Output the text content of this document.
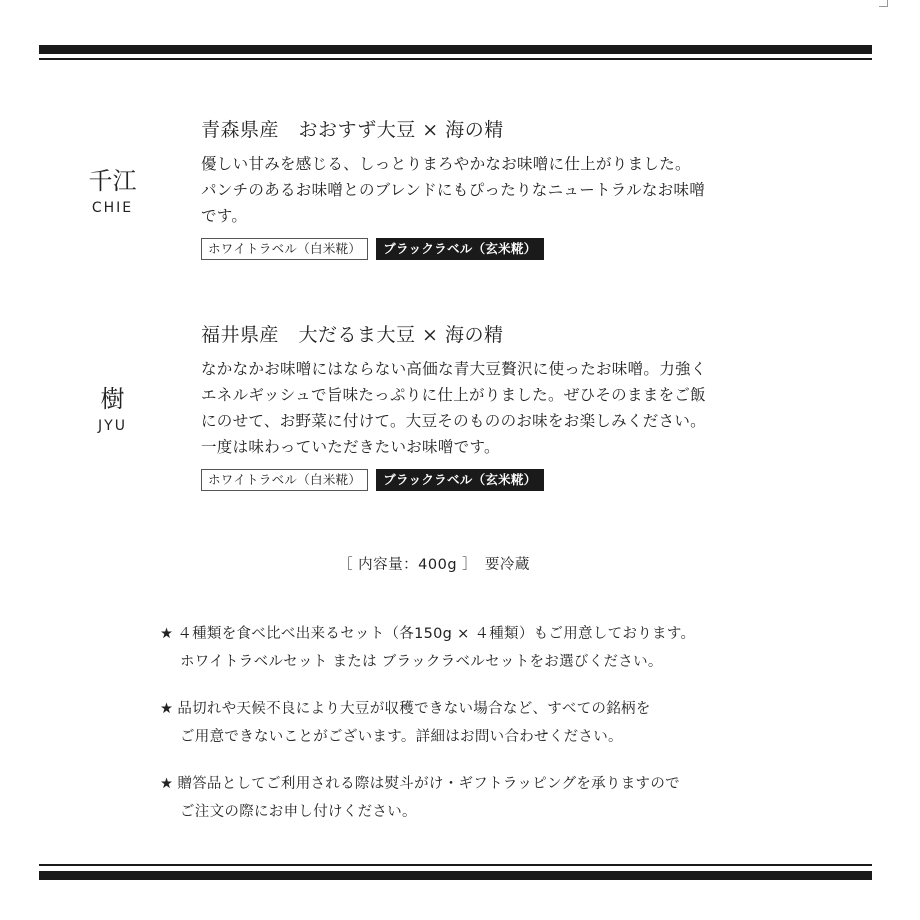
千江
CHIE
青森県産　おおすず大豆 × 海の精
優しい甘みを感じる、しっとりまろやかなお味噌に仕上がりました。
パンチのあるお味噌とのブレンドにもぴったりなニュートラルなお味噌
です。
ホワイトラベル（白米糀）	ブラックラベル（玄米糀）
樹
JYU
福井県産　大だるま大豆 × 海の精
なかなかお味噌にはならない高価な青大豆贅沢に使ったお味噌。力強く
エネルギッシュで旨味たっぷりに仕上がりました。ぜひそのままをご飯
にのせて、お野菜に付けて。大豆そのもののお味をお楽しみください。
一度は味わっていただきたいお味噌です。
ホワイトラベル（白米糀）	ブラックラベル（玄米糀）
［ 内容量：400g ］　要冷蔵
★ ４種類を食べ比べ出来るセット（各150g × ４種類）もご用意しております。
ホワイトラベルセット または ブラックラベルセットをお選びください。
★ 品切れや天候不良により大豆が収穫できない場合など、すべての銘柄を
ご用意できないことがございます。詳細はお問い合わせください。
★ 贈答品としてご利用される際は熨斗がけ・ギフトラッピングを承りますので
ご注文の際にお申し付けください。
